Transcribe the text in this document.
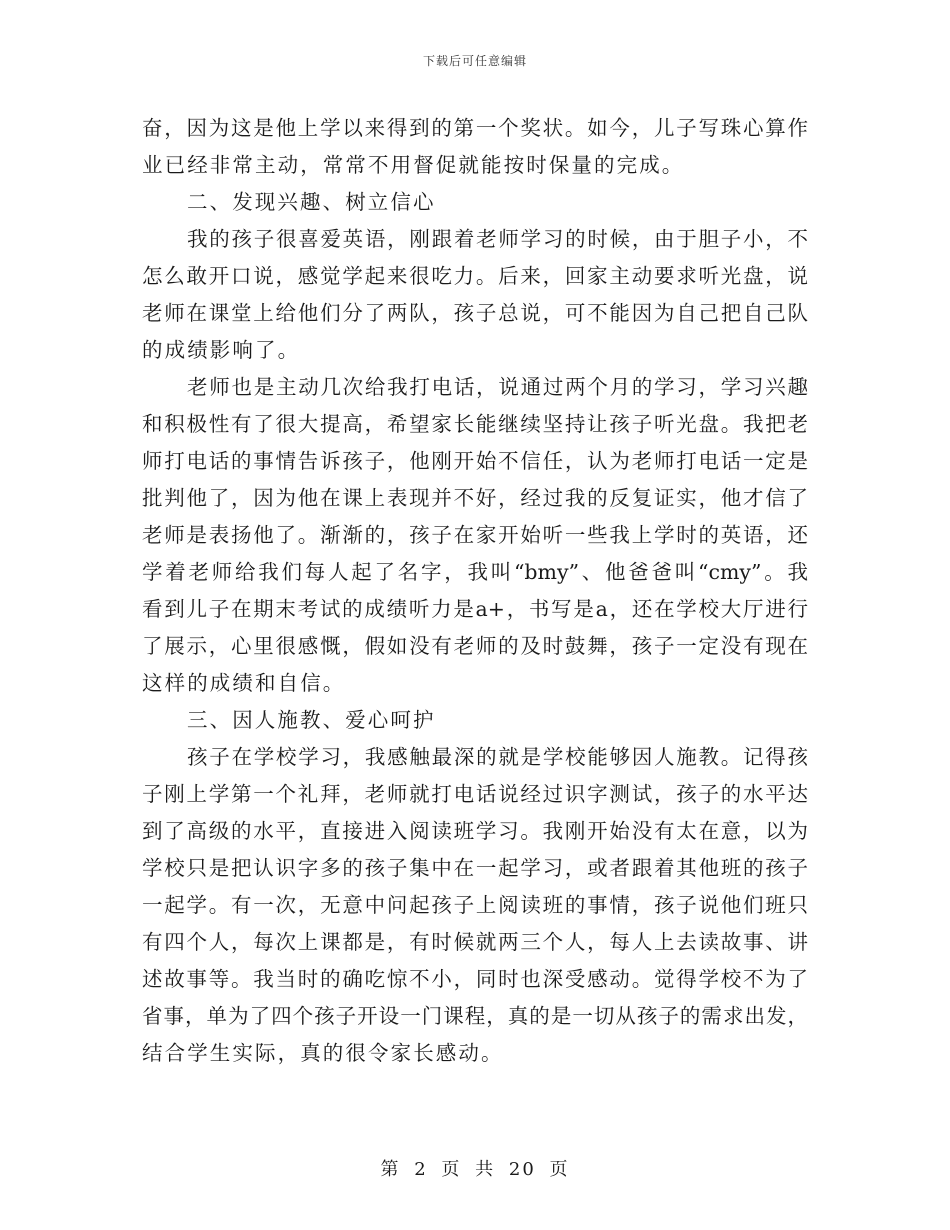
下载后可任意编辑
奋，因为这是他上学以来得到的第一个奖状。如今，儿子写珠心算作
业已经非常主动，常常不用督促就能按时保量的完成。
二、发现兴趣、树立信心
我的孩子很喜爱英语，刚跟着老师学习的时候，由于胆子小，不
怎么敢开口说，感觉学起来很吃力。后来，回家主动要求听光盘，说
老师在课堂上给他们分了两队，孩子总说，可不能因为自己把自己队
的成绩影响了。
老师也是主动几次给我打电话，说通过两个月的学习，学习兴趣
和积极性有了很大提高，希望家长能继续坚持让孩子听光盘。我把老
师打电话的事情告诉孩子，他刚开始不信任，认为老师打电话一定是
批判他了，因为他在课上表现并不好，经过我的反复证实，他才信了
老师是表扬他了。渐渐的，孩子在家开始听一些我上学时的英语，还
学着老师给我们每人起了名字，我叫“bmy”、他爸爸叫“cmy”。我
看到儿子在期末考试的成绩听力是a+，书写是a，还在学校大厅进行
了展示，心里很感慨，假如没有老师的及时鼓舞，孩子一定没有现在
这样的成绩和自信。
三、因人施教、爱心呵护
孩子在学校学习，我感触最深的就是学校能够因人施教。记得孩
子刚上学第一个礼拜，老师就打电话说经过识字测试，孩子的水平达
到了高级的水平，直接进入阅读班学习。我刚开始没有太在意，以为
学校只是把认识字多的孩子集中在一起学习，或者跟着其他班的孩子
一起学。有一次，无意中问起孩子上阅读班的事情，孩子说他们班只
有四个人，每次上课都是，有时候就两三个人，每人上去读故事、讲
述故事等。我当时的确吃惊不小，同时也深受感动。觉得学校不为了
省事，单为了四个孩子开设一门课程，真的是一切从孩子的需求出发，
结合学生实际，真的很令家长感动。
第 2 页 共 20 页
